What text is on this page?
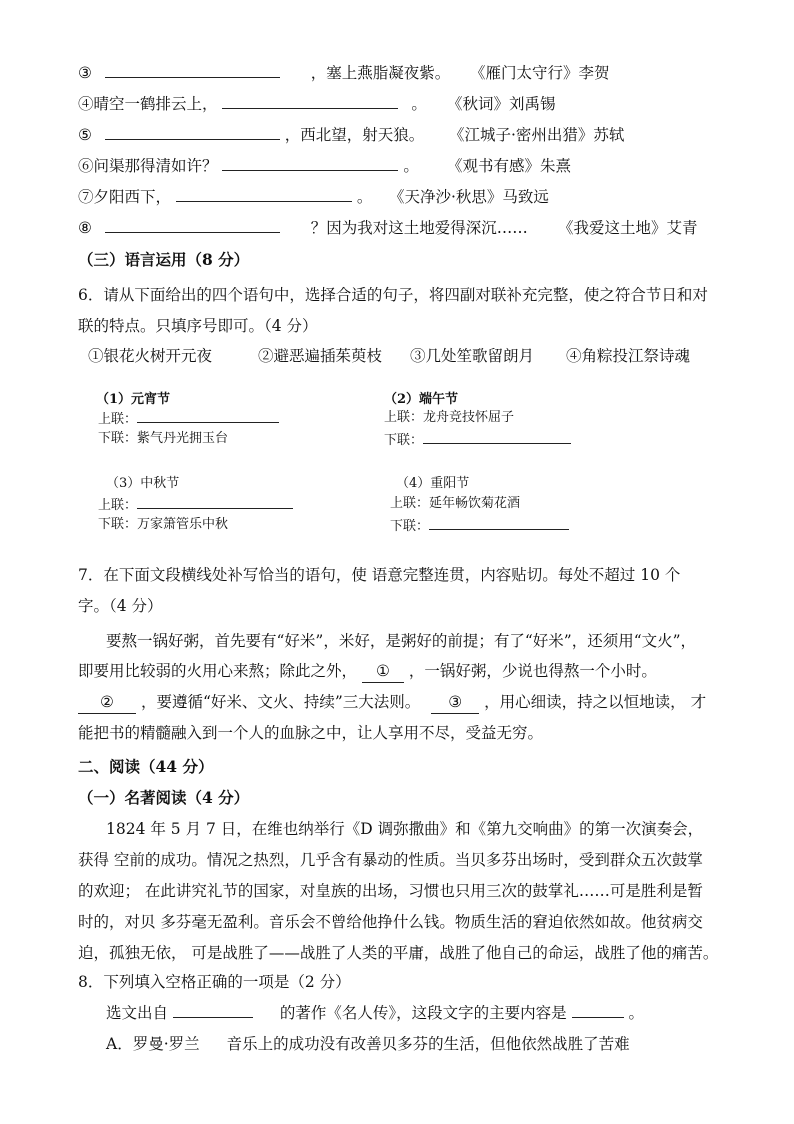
③	，塞上燕脂凝夜紫。 《雁门太守行》李贺
④晴空一鹤排云上，	。 《秋词》刘禹锡
⑤	，西北望，射天狼。 《江城子·密州出猎》苏轼
⑥问渠那得清如许？	。 《观书有感》朱熹
⑦夕阳西下，	。 《天净沙·秋思》马致远
⑧	？因为我对这土地爱得深沉…… 《我爱这土地》艾青
（三）语言运用（8 分）
6．请从下面给出的四个语句中，选择合适的句子，将四副对联补充完整，使之符合节日和对
联的特点。只填序号即可。（4 分）
①银花火树开元夜	②避恶遍插茱萸枝 ③几处笙歌留朗月 ④角粽投江祭诗魂
（1）元宵节
上联：
下联：紫气丹光拥玉台
（2）端午节
上联：龙舟竞技怀屈子
下联：
（3）中秋节
上联：
下联：万家箫管乐中秋
（4）重阳节
上联：延年畅饮菊花酒
下联：
7．在下面文段横线处补写恰当的语句，使 语意完整连贯，内容贴切。每处不超过 10 个
字。（4 分）
要熬一锅好粥，首先要有“好米”，米好，是粥好的前提；有了“好米”，还须用“文火”，
即要用比较弱的火用心来熬；除此之外， ① ，一锅好粥，少说也得熬一个小时。
② ，要遵循“好米、文火、持续”三大法则。 ③ ，用心细读，持之以恒地读， 才
能把书的精髓融入到一个人的血脉之中，让人享用不尽，受益无穷。
二、阅读（44 分）
（一）名著阅读（4 分）
1824 年 5 月 7 日，在维也纳举行《D 调弥撒曲》和《第九交响曲》的第一次演奏会，
获得 空前的成功。情况之热烈，几乎含有暴动的性质。当贝多芬出场时，受到群众五次鼓掌
的欢迎； 在此讲究礼节的国家，对皇族的出场，习惯也只用三次的鼓掌礼……可是胜利是暂
时的，对贝 多芬毫无盈利。音乐会不曾给他挣什么钱。物质生活的窘迫依然如故。他贫病交
迫，孤独无依， 可是战胜了——战胜了人类的平庸，战胜了他自己的命运，战胜了他的痛苦。
8．下列填入空格正确的一项是（2 分）
选文出自	的著作《名人传》，这段文字的主要内容是	。
A．罗曼·罗兰 音乐上的成功没有改善贝多芬的生活，但他依然战胜了苦难
